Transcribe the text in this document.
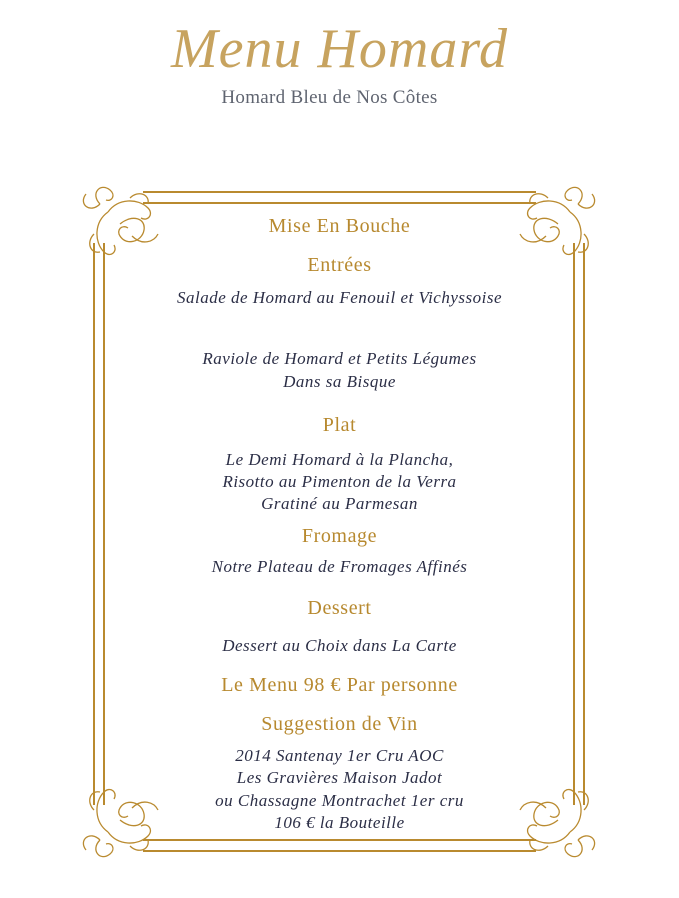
Menu Homard
Homard Bleu de Nos Côtes
Mise En Bouche
Entrées
Salade de Homard au Fenouil et Vichyssoise
Raviole de Homard et Petits Légumes
Dans sa Bisque
Plat
Le Demi Homard à la Plancha,
Risotto au Pimenton de la Verra
Gratiné au Parmesan
Fromage
Notre Plateau de Fromages Affinés
Dessert
Dessert au Choix dans La Carte
Le Menu 98 € Par personne
Suggestion de Vin
2014 Santenay 1er Cru AOC
Les Gravières Maison Jadot
ou Chassagne Montrachet 1er cru
106 € la Bouteille
